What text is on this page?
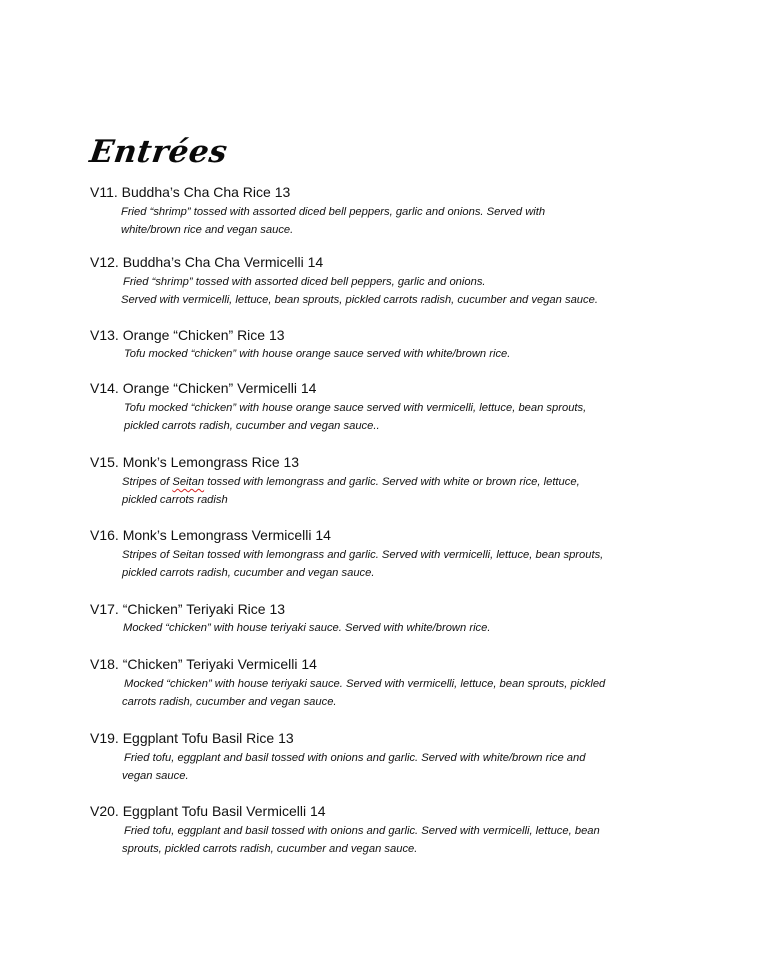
Entrées
V11. Buddha’s Cha Cha Rice 13
Fried “shrimp” tossed with assorted diced bell peppers, garlic and onions. Served with
white/brown rice and vegan sauce.
V12. Buddha’s Cha Cha Vermicelli 14
Fried “shrimp” tossed with assorted diced bell peppers, garlic and onions.
Served with vermicelli, lettuce, bean sprouts, pickled carrots radish, cucumber and vegan sauce.
V13. Orange “Chicken” Rice 13
Tofu mocked “chicken” with house orange sauce served with white/brown rice.
V14. Orange “Chicken” Vermicelli 14
Tofu mocked “chicken” with house orange sauce served with vermicelli, lettuce, bean sprouts,
pickled carrots radish, cucumber and vegan sauce..
V15. Monk’s Lemongrass Rice 13
Stripes of Seitan tossed with lemongrass and garlic. Served with white or brown rice, lettuce,
pickled carrots radish
V16. Monk’s Lemongrass Vermicelli 14
Stripes of Seitan tossed with lemongrass and garlic. Served with vermicelli, lettuce, bean sprouts,
pickled carrots radish, cucumber and vegan sauce.
V17. “Chicken” Teriyaki Rice 13
Mocked “chicken” with house teriyaki sauce. Served with white/brown rice.
V18. “Chicken” Teriyaki Vermicelli 14
Mocked “chicken” with house teriyaki sauce. Served with vermicelli, lettuce, bean sprouts, pickled
carrots radish, cucumber and vegan sauce.
V19. Eggplant Tofu Basil Rice 13
Fried tofu, eggplant and basil tossed with onions and garlic. Served with white/brown rice and
vegan sauce.
V20. Eggplant Tofu Basil Vermicelli 14
Fried tofu, eggplant and basil tossed with onions and garlic. Served with vermicelli, lettuce, bean
sprouts, pickled carrots radish, cucumber and vegan sauce.
